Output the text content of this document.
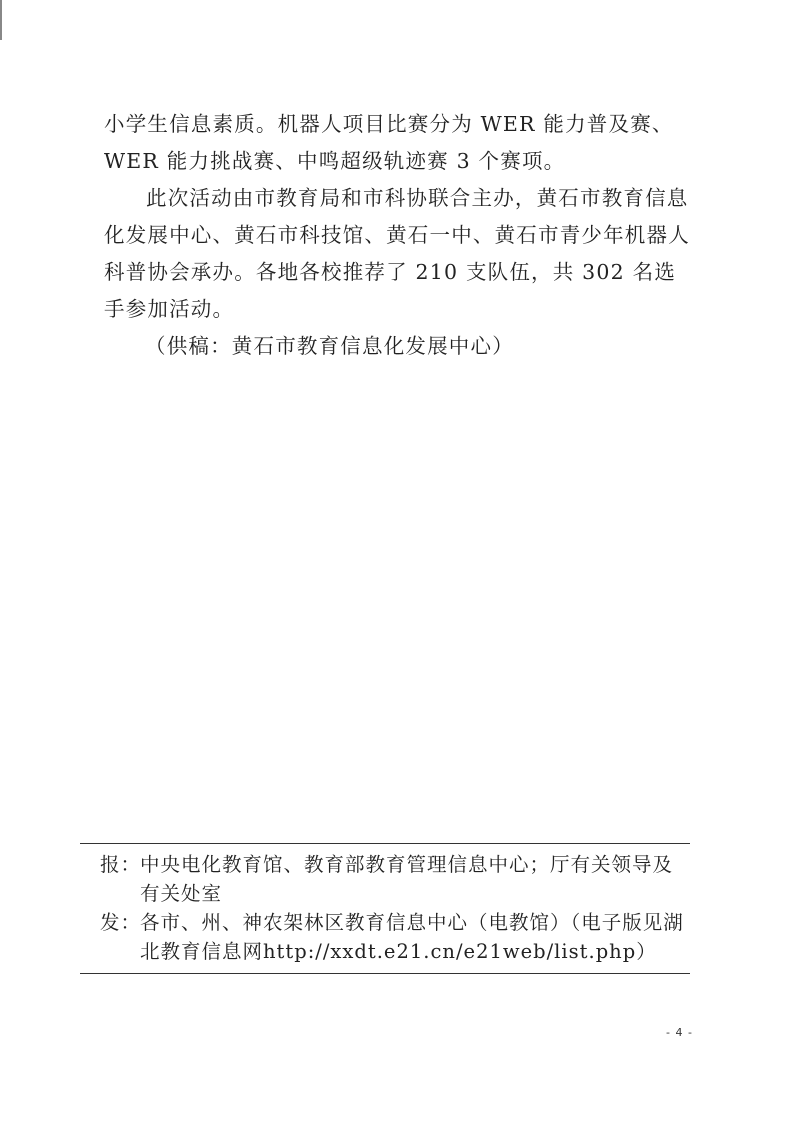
小学生信息素质。机器人项目比赛分为 WER 能力普及赛、WER 能力挑战赛、中鸣超级轨迹赛 3 个赛项。

此次活动由市教育局和市科协联合主办，黄石市教育信息化发展中心、黄石市科技馆、黄石一中、黄石市青少年机器人科普协会承办。各地各校推荐了 210 支队伍，共 302 名选手参加活动。

（供稿：黄石市教育信息化发展中心）

报：
中央电化教育馆、教育部教育管理信息中心；厅有关领导及有关处室
发：
各市、州、神农架林区教育信息中心（电教馆）（电子版见湖北教育信息网http://xxdt.e21.cn/e21web/list.php）
- 4 -
